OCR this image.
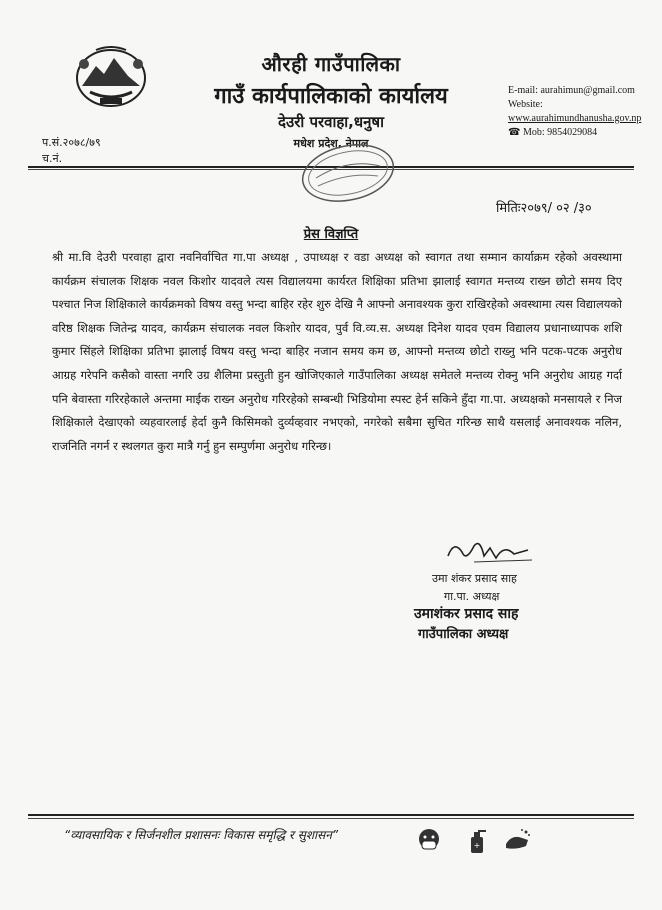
औरही गाउँपालिका
गाउँ कार्यपालिकाको कार्यालय
देउरी परवाहा,धनुषा
मधेश प्रदेश, नेपाल
E-mail: aurahimun@gmail.com
Website:
www.aurahimundhanusha.gov.np
☎ Mob: 9854029084
प.सं.२०७८/७९
च.नं.
मितिः२०७९/ ०२ /३०
प्रेस विज्ञप्ति
श्री मा.वि देउरी परवाहा द्वारा नवनिर्वाचित गा.पा अध्यक्ष , उपाध्यक्ष र वडा अध्यक्ष को स्वागत तथा सम्मान कार्याक्रम रहेको अवस्थामा कार्यक्रम संचालक शिक्षक नवल किशोर यादवले त्यस विद्यालयमा कार्यरत शिक्षिका प्रतिभा झालाई स्वागत मन्तव्य राख्न छोटो समय दिए पश्चात निज शिक्षिकाले कार्यक्रमको विषय वस्तु भन्दा बाहिर रहेर शुरु देखि नै आफ्नो अनावश्यक कुरा राखिरहेको अवस्थामा त्यस विद्यालयको वरिष्ठ शिक्षक जितेन्द्र यादव, कार्यक्रम संचालक नवल किशोर यादव, पुर्व वि.व्य.स. अध्यक्ष दिनेश यादव एवम विद्यालय प्रधानाध्यापक शशि कुमार सिंहले शिक्षिका प्रतिभा झालाई विषय वस्तु भन्दा बाहिर नजान समय कम छ, आफ्नो मन्तव्य छोटो राख्नु भनि पटक-पटक अनुरोध आग्रह गरेपनि कसैको वास्ता नगरि उग्र शैलिमा प्रस्तुती हुन खोजिएकाले गाउँपालिका अध्यक्ष समेतले मन्तव्य रोक्नु भनि अनुरोध आग्रह गर्दा पनि बेवास्ता गरिरहेकाले अन्तमा माईक राख्न अनुरोध गरिरहेको सम्बन्धी भिडियोमा स्पस्ट हेर्न सकिने हुँदा गा.पा. अध्यक्षको मनसायले र निज शिक्षिकाले देखाएको व्यहवारलाई हेर्दा कुनै किसिमको दुर्व्यव्हवार नभएको, नगरेको सबैमा सुचित गरिन्छ साथै यसलाई अनावश्यक नलिन, राजनिति नगर्न र स्थलगत कुरा मात्रै गर्नु हुन सम्पुर्णमा अनुरोध गरिन्छ।
उमा शंकर प्रसाद साह
गा.पा. अध्यक्ष
उमाशंकर प्रसाद साह
गाउँपालिका अध्यक्ष
“व्यावसायिक र सिर्जनशील प्रशासनः विकास समृद्धि र सुशासन”
+
